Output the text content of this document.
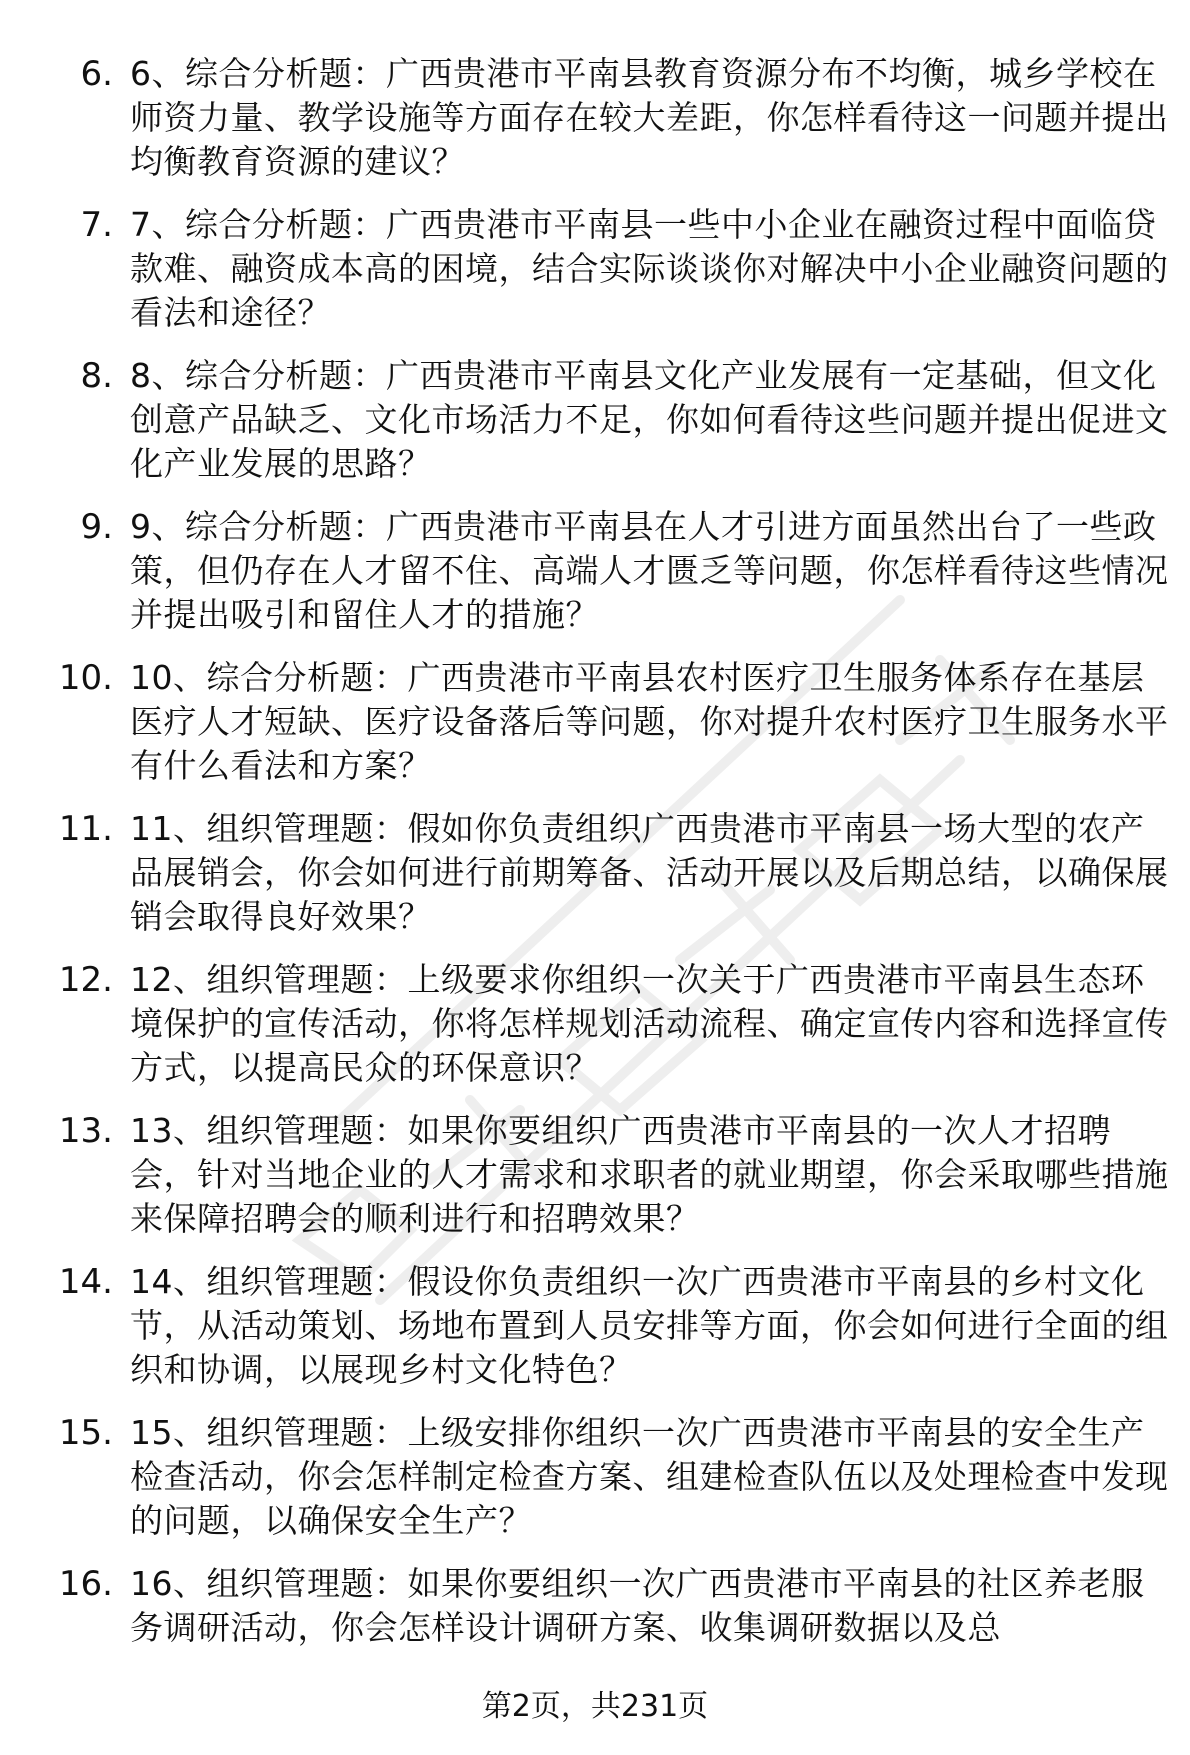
6. 6、综合分析题：广西贵港市平南县教育资源分布不均衡，城乡学校在师资力量、教学设施等方面存在较大差距，你怎样看待这一问题并提出均衡教育资源的建议？
7. 7、综合分析题：广西贵港市平南县一些中小企业在融资过程中面临贷款难、融资成本高的困境，结合实际谈谈你对解决中小企业融资问题的看法和途径？
8. 8、综合分析题：广西贵港市平南县文化产业发展有一定基础，但文化创意产品缺乏、文化市场活力不足，你如何看待这些问题并提出促进文化产业发展的思路？
9. 9、综合分析题：广西贵港市平南县在人才引进方面虽然出台了一些政策，但仍存在人才留不住、高端人才匮乏等问题，你怎样看待这些情况并提出吸引和留住人才的措施？
10. 10、综合分析题：广西贵港市平南县农村医疗卫生服务体系存在基层医疗人才短缺、医疗设备落后等问题，你对提升农村医疗卫生服务水平有什么看法和方案？
11. 11、组织管理题：假如你负责组织广西贵港市平南县一场大型的农产品展销会，你会如何进行前期筹备、活动开展以及后期总结，以确保展销会取得良好效果？
12. 12、组织管理题：上级要求你组织一次关于广西贵港市平南县生态环境保护的宣传活动，你将怎样规划活动流程、确定宣传内容和选择宣传方式，以提高民众的环保意识？
13. 13、组织管理题：如果你要组织广西贵港市平南县的一次人才招聘会，针对当地企业的人才需求和求职者的就业期望，你会采取哪些措施来保障招聘会的顺利进行和招聘效果？
14. 14、组织管理题：假设你负责组织一次广西贵港市平南县的乡村文化节，从活动策划、场地布置到人员安排等方面，你会如何进行全面的组织和协调，以展现乡村文化特色？
15. 15、组织管理题：上级安排你组织一次广西贵港市平南县的安全生产检查活动，你会怎样制定检查方案、组建检查队伍以及处理检查中发现的问题，以确保安全生产？
16. 16、组织管理题：如果你要组织一次广西贵港市平南县的社区养老服务调研活动，你会怎样设计调研方案、收集调研数据以及总
第2页，共231页
